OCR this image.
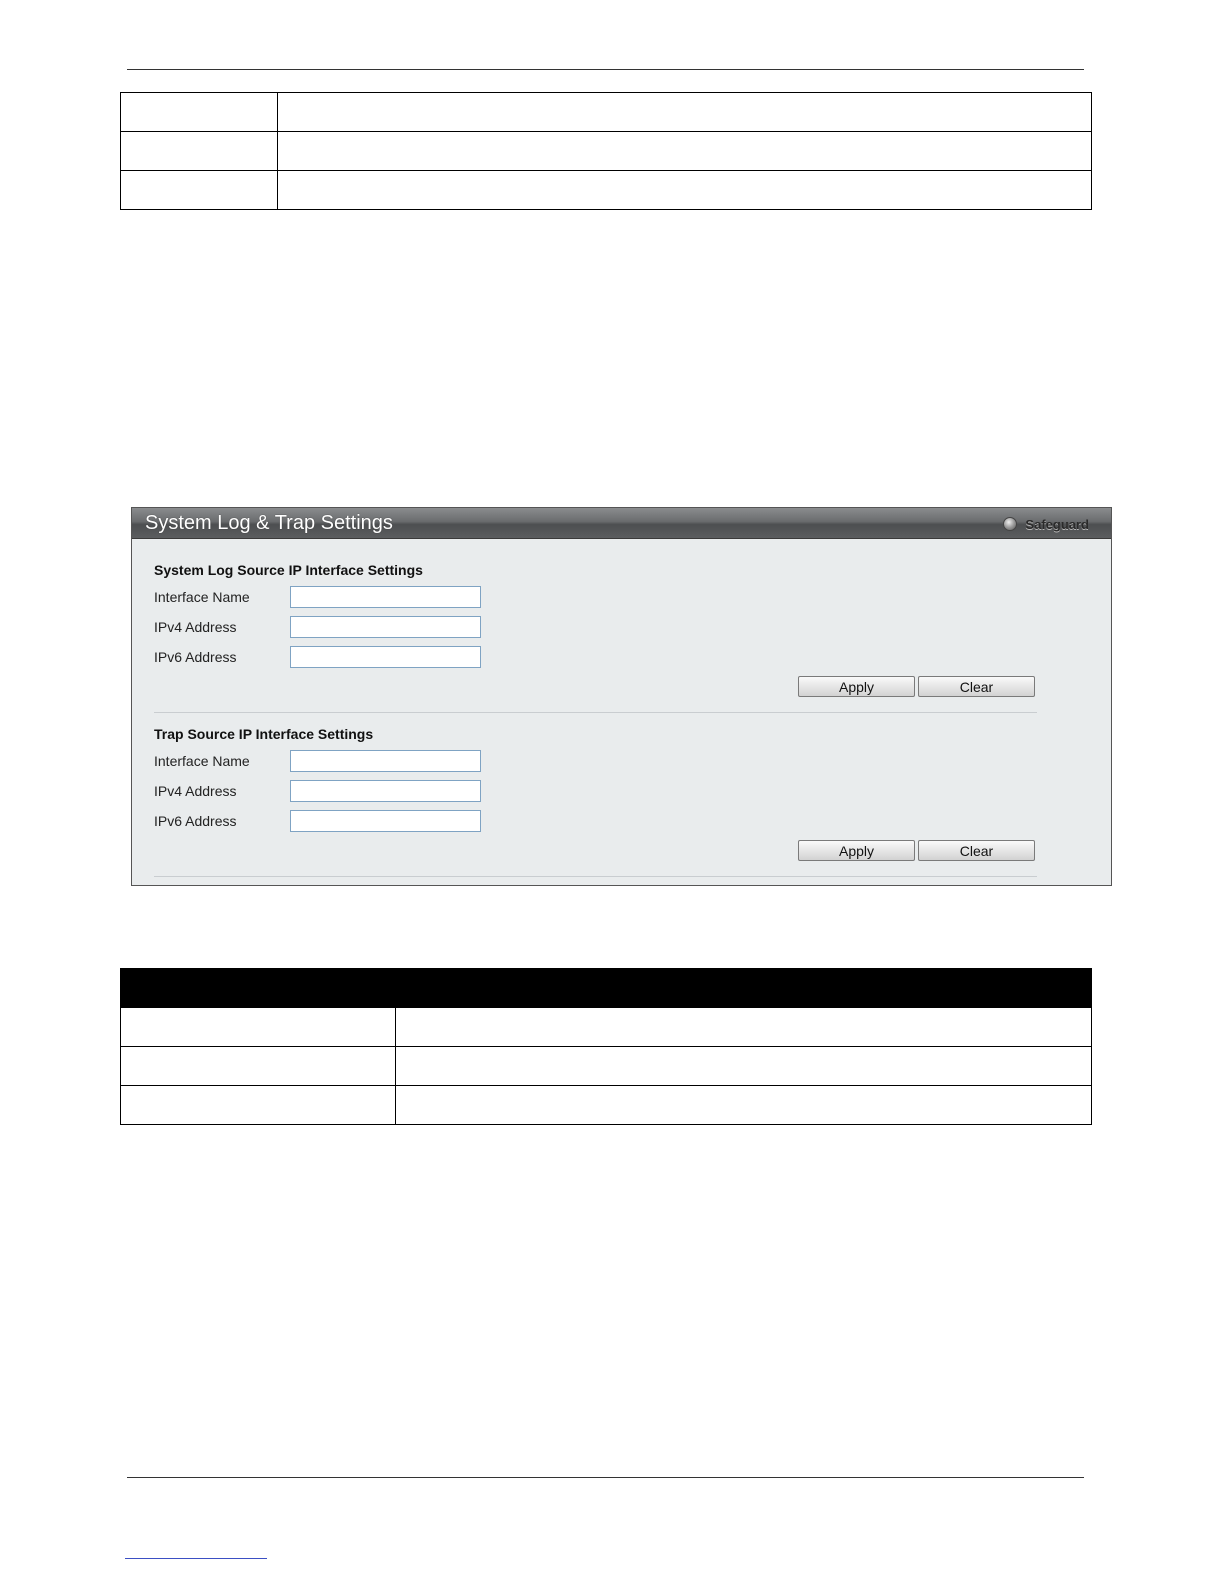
System Log & Trap Settings	Safeguard
System Log Source IP Interface Settings
Interface Name
IPv4 Address
IPv6 Address
Apply	Clear
Trap Source IP Interface Settings
Interface Name
IPv4 Address
IPv6 Address
Apply	Clear
